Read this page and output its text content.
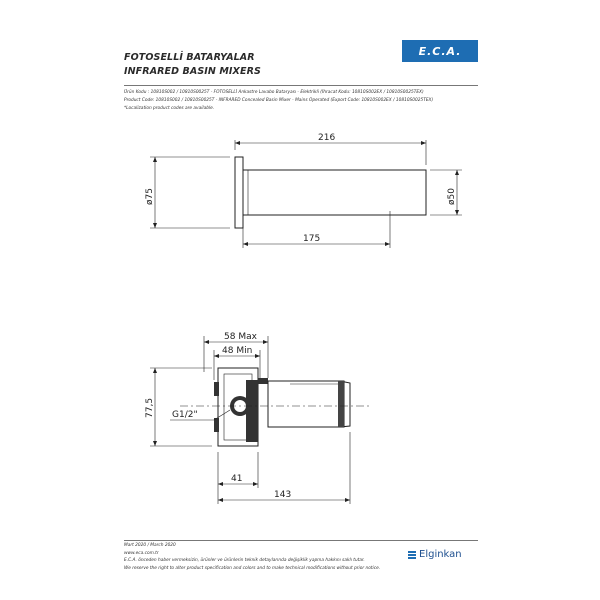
E.C.A.
FOTOSELLİ BATARYALAR
INFRARED BASIN MIXERS
Ürün Kodu : 10810S002 / 10810S0025T - FOTOSELLİ Ankastre Lavabo Bataryası - Elektrikli (İhracat Kodu: 10810S002EX / 10810S0025TEX)
Product Code: 10810S002 / 10810S0025T - INFRARED Concealed Basin Mixer - Mains Operated (Export Code: 10810S002EX / 10810S0025TEX)
*Localization product codes are available.
216
175
ø75	ø50
58 Max
48 Min
77,5 G1/2"
41
143
Mart 2020 / March 2020
www.eca.com.tr
E.C.A. önceden haber vermeksizin, ürünler ve ürünlerin teknik detaylarında değişiklik yapma hakkını saklı tutar.
We reserve the right to alter product specification and colors and to make technical modifications without prior notice.
Elginkan
